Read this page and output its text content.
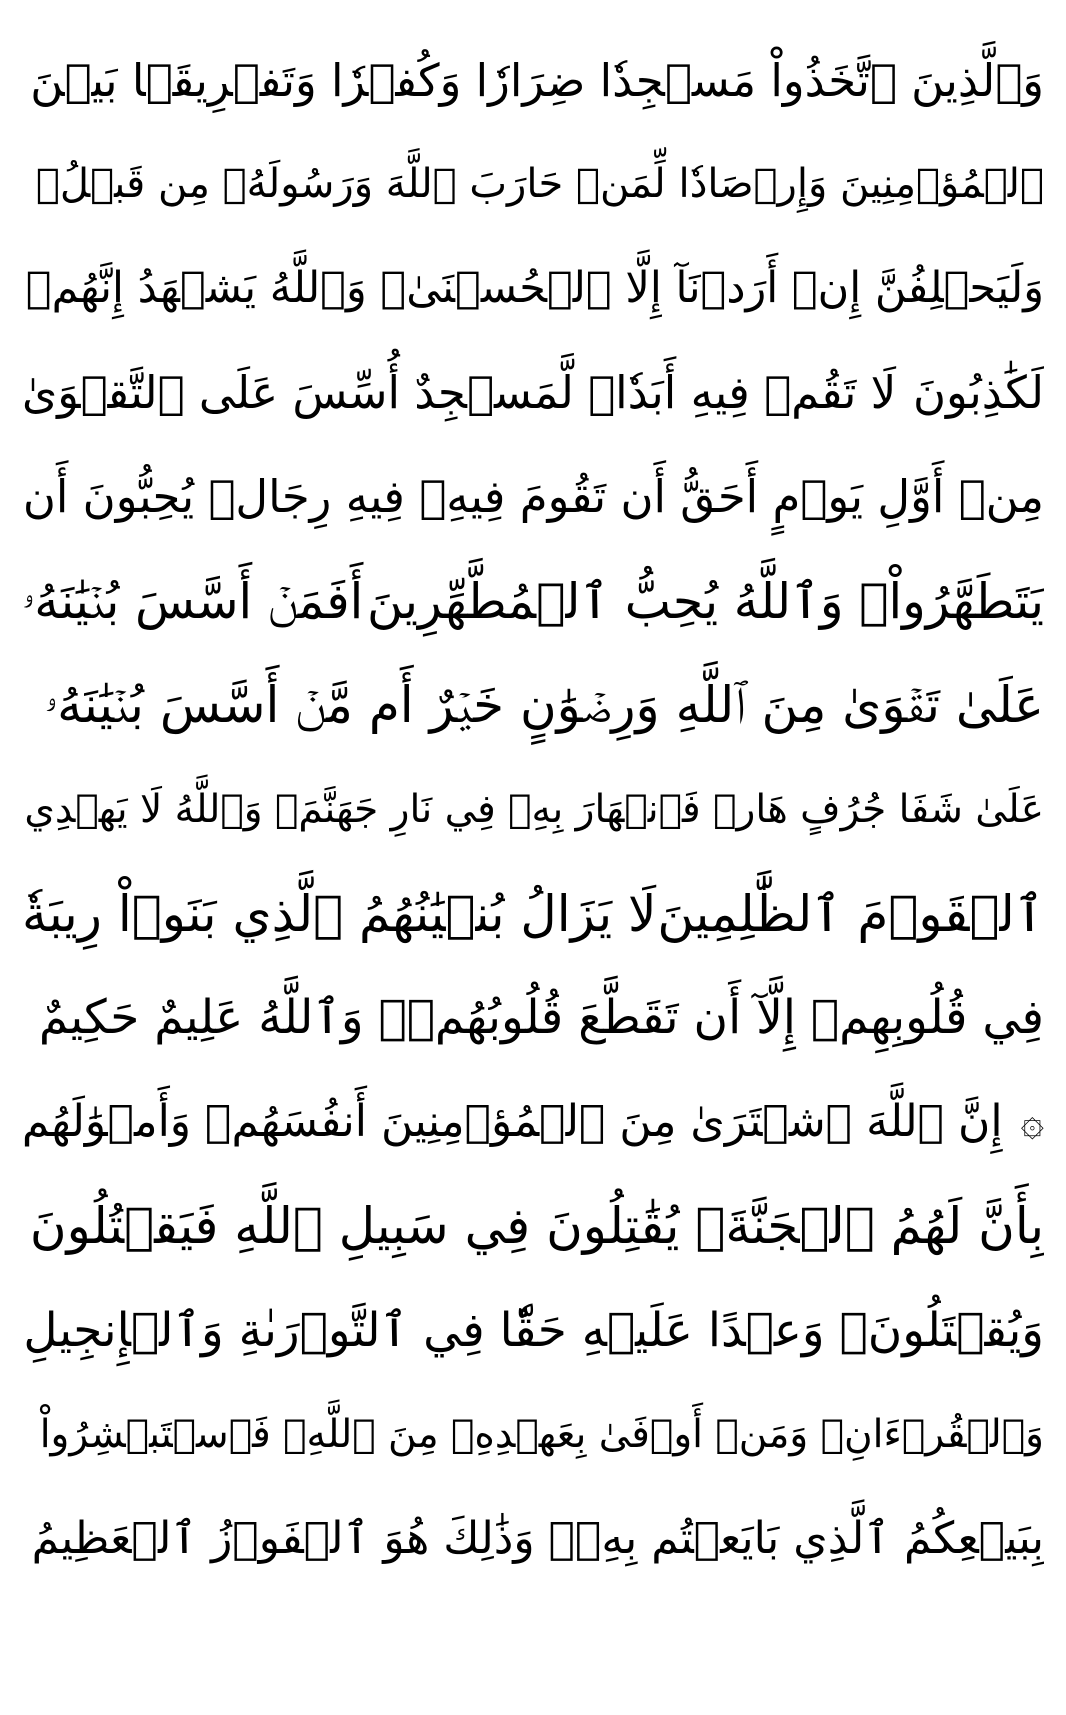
وَٱلَّذِينَ ٱتَّخَذُواْ مَسۡجِدٗا ضِرَارٗا وَكُفۡرٗا وَتَفۡرِيقَۢا بَيۡنَ
ٱلۡمُؤۡمِنِينَ وَإِرۡصَادٗا لِّمَنۡ حَارَبَ ٱللَّهَ وَرَسُولَهُۥ مِن قَبۡلُۚ
وَلَيَحۡلِفُنَّ إِنۡ أَرَدۡنَآ إِلَّا ٱلۡحُسۡنَىٰۖ وَٱللَّهُ يَشۡهَدُ إِنَّهُمۡ
لَكَٰذِبُونَ
لَا تَقُمۡ فِيهِ أَبَدٗاۚ لَّمَسۡجِدٌ أُسِّسَ عَلَى ٱلتَّقۡوَىٰ
مِنۡ أَوَّلِ يَوۡمٍ أَحَقُّ أَن تَقُومَ فِيهِۚ فِيهِ رِجَالٞ يُحِبُّونَ أَن
يَتَطَهَّرُواْۚ وَٱللَّهُ يُحِبُّ ٱلۡمُطَّهِّرِينَ
أَفَمَنۡ أَسَّسَ بُنۡيَٰنَهُۥ
عَلَىٰ تَقۡوَىٰ مِنَ ٱللَّهِ وَرِضۡوَٰنٍ خَيۡرٌ أَم مَّنۡ أَسَّسَ بُنۡيَٰنَهُۥ
عَلَىٰ شَفَا جُرُفٍ هَارٖ فَٱنۡهَارَ بِهِۦ فِي نَارِ جَهَنَّمَۗ وَٱللَّهُ لَا يَهۡدِي
ٱلۡقَوۡمَ ٱلظَّٰلِمِينَ
لَا يَزَالُ بُنۡيَٰنُهُمُ ٱلَّذِي بَنَوۡاْ رِيبَةٗ
فِي قُلُوبِهِمۡ إِلَّآ أَن تَقَطَّعَ قُلُوبُهُمۡۗ وَٱللَّهُ عَلِيمٌ حَكِيمٌ
۞
إِنَّ ٱللَّهَ ٱشۡتَرَىٰ مِنَ ٱلۡمُؤۡمِنِينَ أَنفُسَهُمۡ وَأَمۡوَٰلَهُم
بِأَنَّ لَهُمُ ٱلۡجَنَّةَۚ يُقَٰتِلُونَ فِي سَبِيلِ ٱللَّهِ فَيَقۡتُلُونَ
وَيُقۡتَلُونَۖ وَعۡدًا عَلَيۡهِ حَقّٗا فِي ٱلتَّوۡرَىٰةِ وَٱلۡإِنجِيلِ
وَٱلۡقُرۡءَانِۚ وَمَنۡ أَوۡفَىٰ بِعَهۡدِهِۦ مِنَ ٱللَّهِۚ فَٱسۡتَبۡشِرُواْ
بِبَيۡعِكُمُ ٱلَّذِي بَايَعۡتُم بِهِۦۚ وَذَٰلِكَ هُوَ ٱلۡفَوۡزُ ٱلۡعَظِيمُ
